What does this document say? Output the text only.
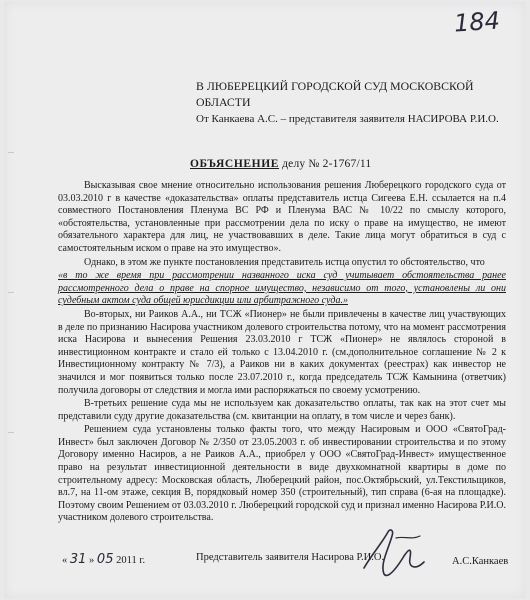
184
В ЛЮБЕРЕЦКИЙ ГОРОДСКОЙ СУД МОСКОВСКОЙ ОБЛАСТИ
От Канкаева А.С. – представителя заявителя НАСИРОВА Р.И.О.
ОБЪЯСНЕНИЕ делу № 2-1767/11

Высказывая свое мнение относительно использования решения Люберецкого городского суда от 03.03.2010 г в качестве «доказательства» оплаты представитель истца Сигеева Е.Н. ссылается на п.4 совместного Постановления Пленума ВС РФ и Пленума ВАС № 10/22 по смыслу которого, «обстоятельства, установленные при рассмотрении дела по иску о праве на имущество, не имеют обязательного характера для лиц, не участвовавших в деле. Такие лица могут обратиться в суд с самостоятельным иском о праве на это имущество».

Однако, в этом же пункте постановления представитель истца опустил то обстоятельство, что

«в то же время при рассмотрении названного иска суд учитывает обстоятельства ранее рассмотренного дела о праве на спорное имущество, независимо от того, установлены ли они судебным актом суда общей юрисдикции или арбитражного суда.»

Во-вторых, ни Раиков А.А., ни ТСЖ «Пионер» не были привлечены в качестве лиц участвующих в деле по признанию Насирова участником долевого строительства потому, что на момент рассмотрения иска Насирова и вынесения Решения 23.03.2010 г ТСЖ «Пионер» не являлось стороной в инвестиционном контракте и стало ей только с 13.04.2010 г. (см.дополнительное соглашение № 2 к Инвестиционному контракту № 7/3), а Раиков ни в каких документах (реестрах) как инвестор не значился и мог появиться только после 23.07.2010 г., когда председатель ТСЖ Камынина (ответчик) получила договоры от следствия и могла ими распоряжаться по своему усмотрению.

В-третьих решение суда мы не используем как доказательство оплаты, так как на этот счет мы представили суду другие доказательства (см. квитанции на оплату, в том числе и через банк).

Решением суда установлены только факты того, что между Насировым и ООО «СвятоГрад-Инвест» был заключен Договор № 2/350 от 23.05.2003 г. об инвестировании строительства и по этому Договору именно Насиров, а не Раиков А.А., приобрел у ООО «СвятоГрад-Инвест» имущественное право на результат инвестиционной деятельности в виде двухкомнатной квартиры в доме по строительному адресу: Московская область, Люберецкий район, пос.Октябрьский, ул.Текстильщиков, вл.7, на 11-ом этаже, секция В, порядковый номер 350 (строительный), тип справа (6-ая на площадке). Поэтому своим Решением от 03.03.2010 г. Люберецкий городской суд и признал именно Насирова Р.И.О. участником долевого строительства.

« 31 » 05 2011 г.	Представитель заявителя Насирова Р.И.О.	А.С.Канкаев
